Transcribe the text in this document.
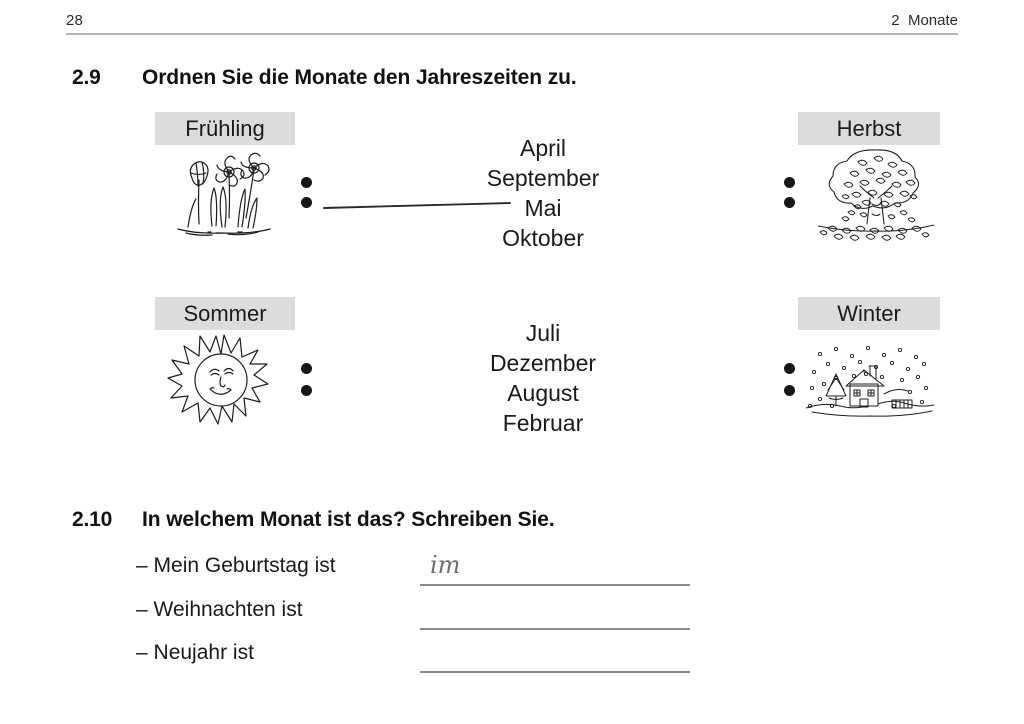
28	2  Monate
2.9 Ordnen Sie die Monate den Jahreszeiten zu.
Frühling
April
September
Mai
Oktober
Herbst
Sommer
Juli
Dezember
August
Februar
Winter
2.10 In welchem Monat ist das? Schreiben Sie.
– Mein Geburtstag ist	im
– Weihnachten ist
– Neujahr ist
